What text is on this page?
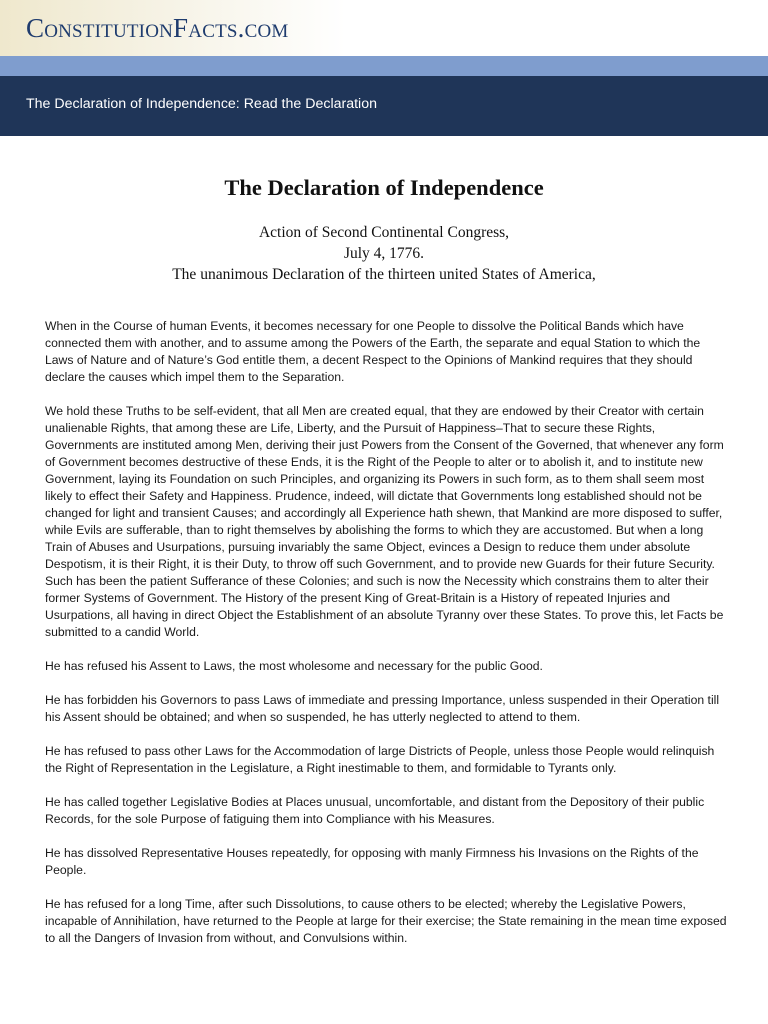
ConstitutionFacts.com
The Declaration of Independence: Read the Declaration
The Declaration of Independence
Action of Second Continental Congress,
July 4, 1776.
The unanimous Declaration of the thirteen united States of America,

When in the Course of human Events, it becomes necessary for one People to dissolve the Political Bands which have connected them with another, and to assume among the Powers of the Earth, the separate and equal Station to which the Laws of Nature and of Nature’s God entitle them, a decent Respect to the Opinions of Mankind requires that they should declare the causes which impel them to the Separation.

We hold these Truths to be self-evident, that all Men are created equal, that they are endowed by their Creator with certain unalienable Rights, that among these are Life, Liberty, and the Pursuit of Happiness–That to secure these Rights, Governments are instituted among Men, deriving their just Powers from the Consent of the Governed, that whenever any form of Government becomes destructive of these Ends, it is the Right of the People to alter or to abolish it, and to institute new Government, laying its Foundation on such Principles, and organizing its Powers in such form, as to them shall seem most likely to effect their Safety and Happiness. Prudence, indeed, will dictate that Governments long established should not be changed for light and transient Causes; and accordingly all Experience hath shewn, that Mankind are more disposed to suffer, while Evils are sufferable, than to right themselves by abolishing the forms to which they are accustomed. But when a long Train of Abuses and Usurpations, pursuing invariably the same Object, evinces a Design to reduce them under absolute Despotism, it is their Right, it is their Duty, to throw off such Government, and to provide new Guards for their future Security. Such has been the patient Sufferance of these Colonies; and such is now the Necessity which constrains them to alter their former Systems of Government. The History of the present King of Great-Britain is a History of repeated Injuries and Usurpations, all having in direct Object the Establishment of an absolute Tyranny over these States. To prove this, let Facts be submitted to a candid World.

He has refused his Assent to Laws, the most wholesome and necessary for the public Good.

He has forbidden his Governors to pass Laws of immediate and pressing Importance, unless suspended in their Operation till his Assent should be obtained; and when so suspended, he has utterly neglected to attend to them.

He has refused to pass other Laws for the Accommodation of large Districts of People, unless those People would relinquish the Right of Representation in the Legislature, a Right inestimable to them, and formidable to Tyrants only.

He has called together Legislative Bodies at Places unusual, uncomfortable, and distant from the Depository of their public Records, for the sole Purpose of fatiguing them into Compliance with his Measures.

He has dissolved Representative Houses repeatedly, for opposing with manly Firmness his Invasions on the Rights of the People.

He has refused for a long Time, after such Dissolutions, to cause others to be elected; whereby the Legislative Powers, incapable of Annihilation, have returned to the People at large for their exercise; the State remaining in the mean time exposed to all the Dangers of Invasion from without, and Convulsions within.
